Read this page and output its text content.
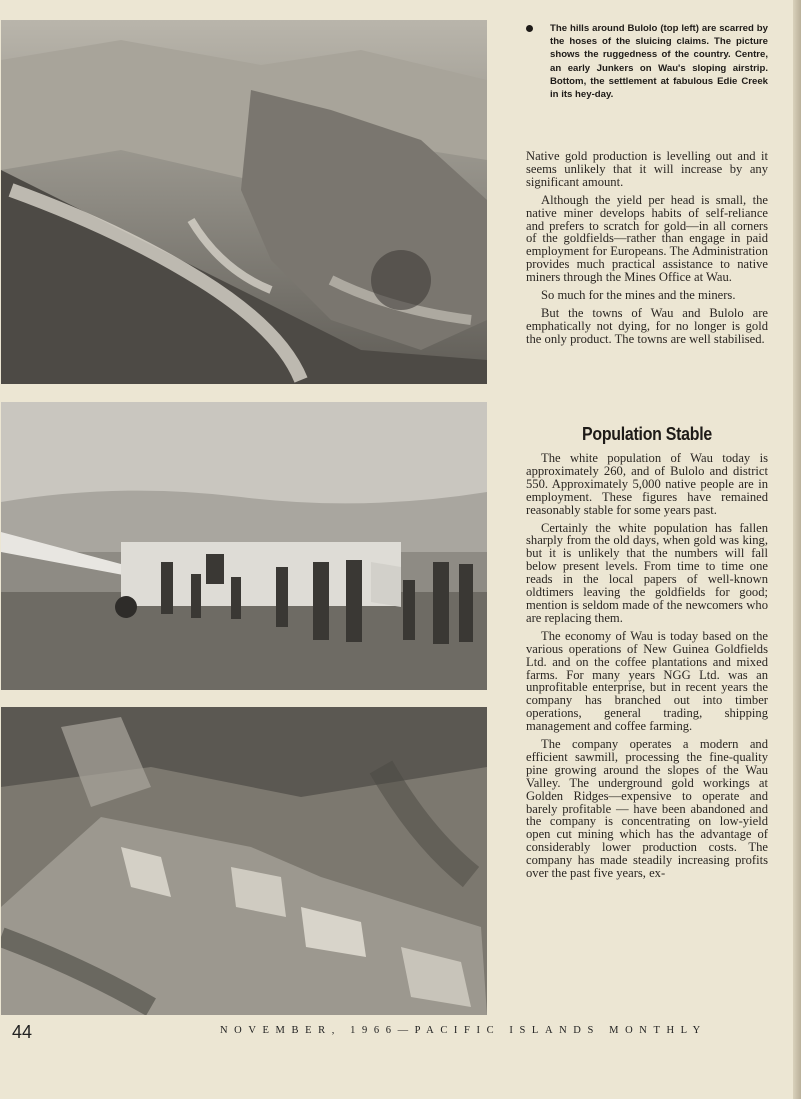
The hills around Bulolo (top left) are scarred by the hoses of the sluicing claims. The picture shows the ruggedness of the country. Centre, an early Junkers on Wau's sloping airstrip. Bottom, the settlement at fabulous Edie Creek in its hey-day.

Native gold production is levelling out and it seems unlikely that it will increase by any significant amount.

Although the yield per head is small, the native miner develops habits of self-reliance and prefers to scratch for gold—in all corners of the goldfields—rather than engage in paid employment for Europeans. The Administration provides much practical assistance to native miners through the Mines Office at Wau.

So much for the mines and the miners.

But the towns of Wau and Bulolo are emphatically not dying, for no longer is gold the only product. The towns are well stabilised.

Population Stable

The white population of Wau today is approximately 260, and of Bulolo and district 550. Approximately 5,000 native people are in employment. These figures have remained reasonably stable for some years past.

Certainly the white population has fallen sharply from the old days, when gold was king, but it is unlikely that the numbers will fall below present levels. From time to time one reads in the local papers of well-known oldtimers leaving the goldfields for good; mention is seldom made of the newcomers who are replacing them.

The economy of Wau is today based on the various operations of New Guinea Goldfields Ltd. and on the coffee plantations and mixed farms. For many years NGG Ltd. was an unprofitable enterprise, but in recent years the company has branched out into timber operations, general trading, shipping management and coffee farming.

The company operates a modern and efficient sawmill, processing the fine-quality pine growing around the slopes of the Wau Valley. The underground gold workings at Golden Ridges—expensive to operate and barely profitable — have been abandoned and the company is concentrating on low-yield open cut mining which has the advantage of considerably lower production costs. The company has made steadily increasing profits over the past five years, ex-

44	NOVEMBER, 1966—PACIFIC ISLANDS MONTHLY
